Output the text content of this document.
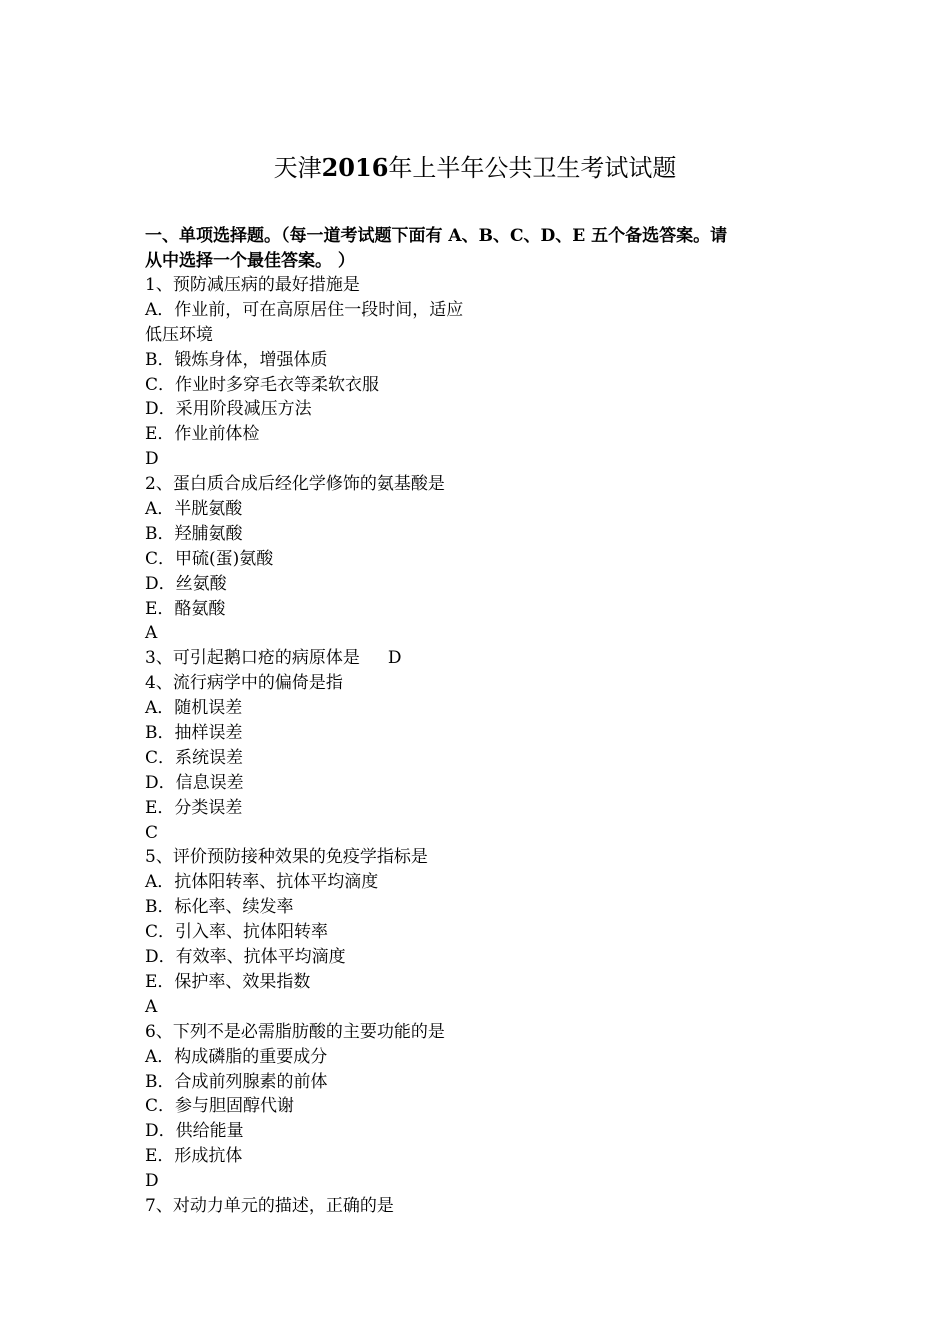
天津2016年上半年公共卫生考试试题
一、单项选择题。（每一道考试题下面有 A、B、C、D、E 五个备选答案。请
从中选择一个最佳答案。 ）
1、预防减压病的最好措施是
A．作业前，可在高原居住一段时间，适应
低压环境
B．锻炼身体，增强体质
C．作业时多穿毛衣等柔软衣服
D．采用阶段减压方法
E．作业前体检
D
2、蛋白质合成后经化学修饰的氨基酸是
A．半胱氨酸
B．羟脯氨酸
C．甲硫(蛋)氨酸
D．丝氨酸
E．酪氨酸
A
3、可引起鹅口疮的病原体是 D
4、流行病学中的偏倚是指
A．随机误差
B．抽样误差
C．系统误差
D．信息误差
E．分类误差
C
5、评价预防接种效果的免疫学指标是
A．抗体阳转率、抗体平均滴度
B．标化率、续发率
C．引入率、抗体阳转率
D．有效率、抗体平均滴度
E．保护率、效果指数
A
6、下列不是必需脂肪酸的主要功能的是
A．构成磷脂的重要成分
B．合成前列腺素的前体
C．参与胆固醇代谢
D．供给能量
E．形成抗体
D
7、对动力单元的描述，正确的是
